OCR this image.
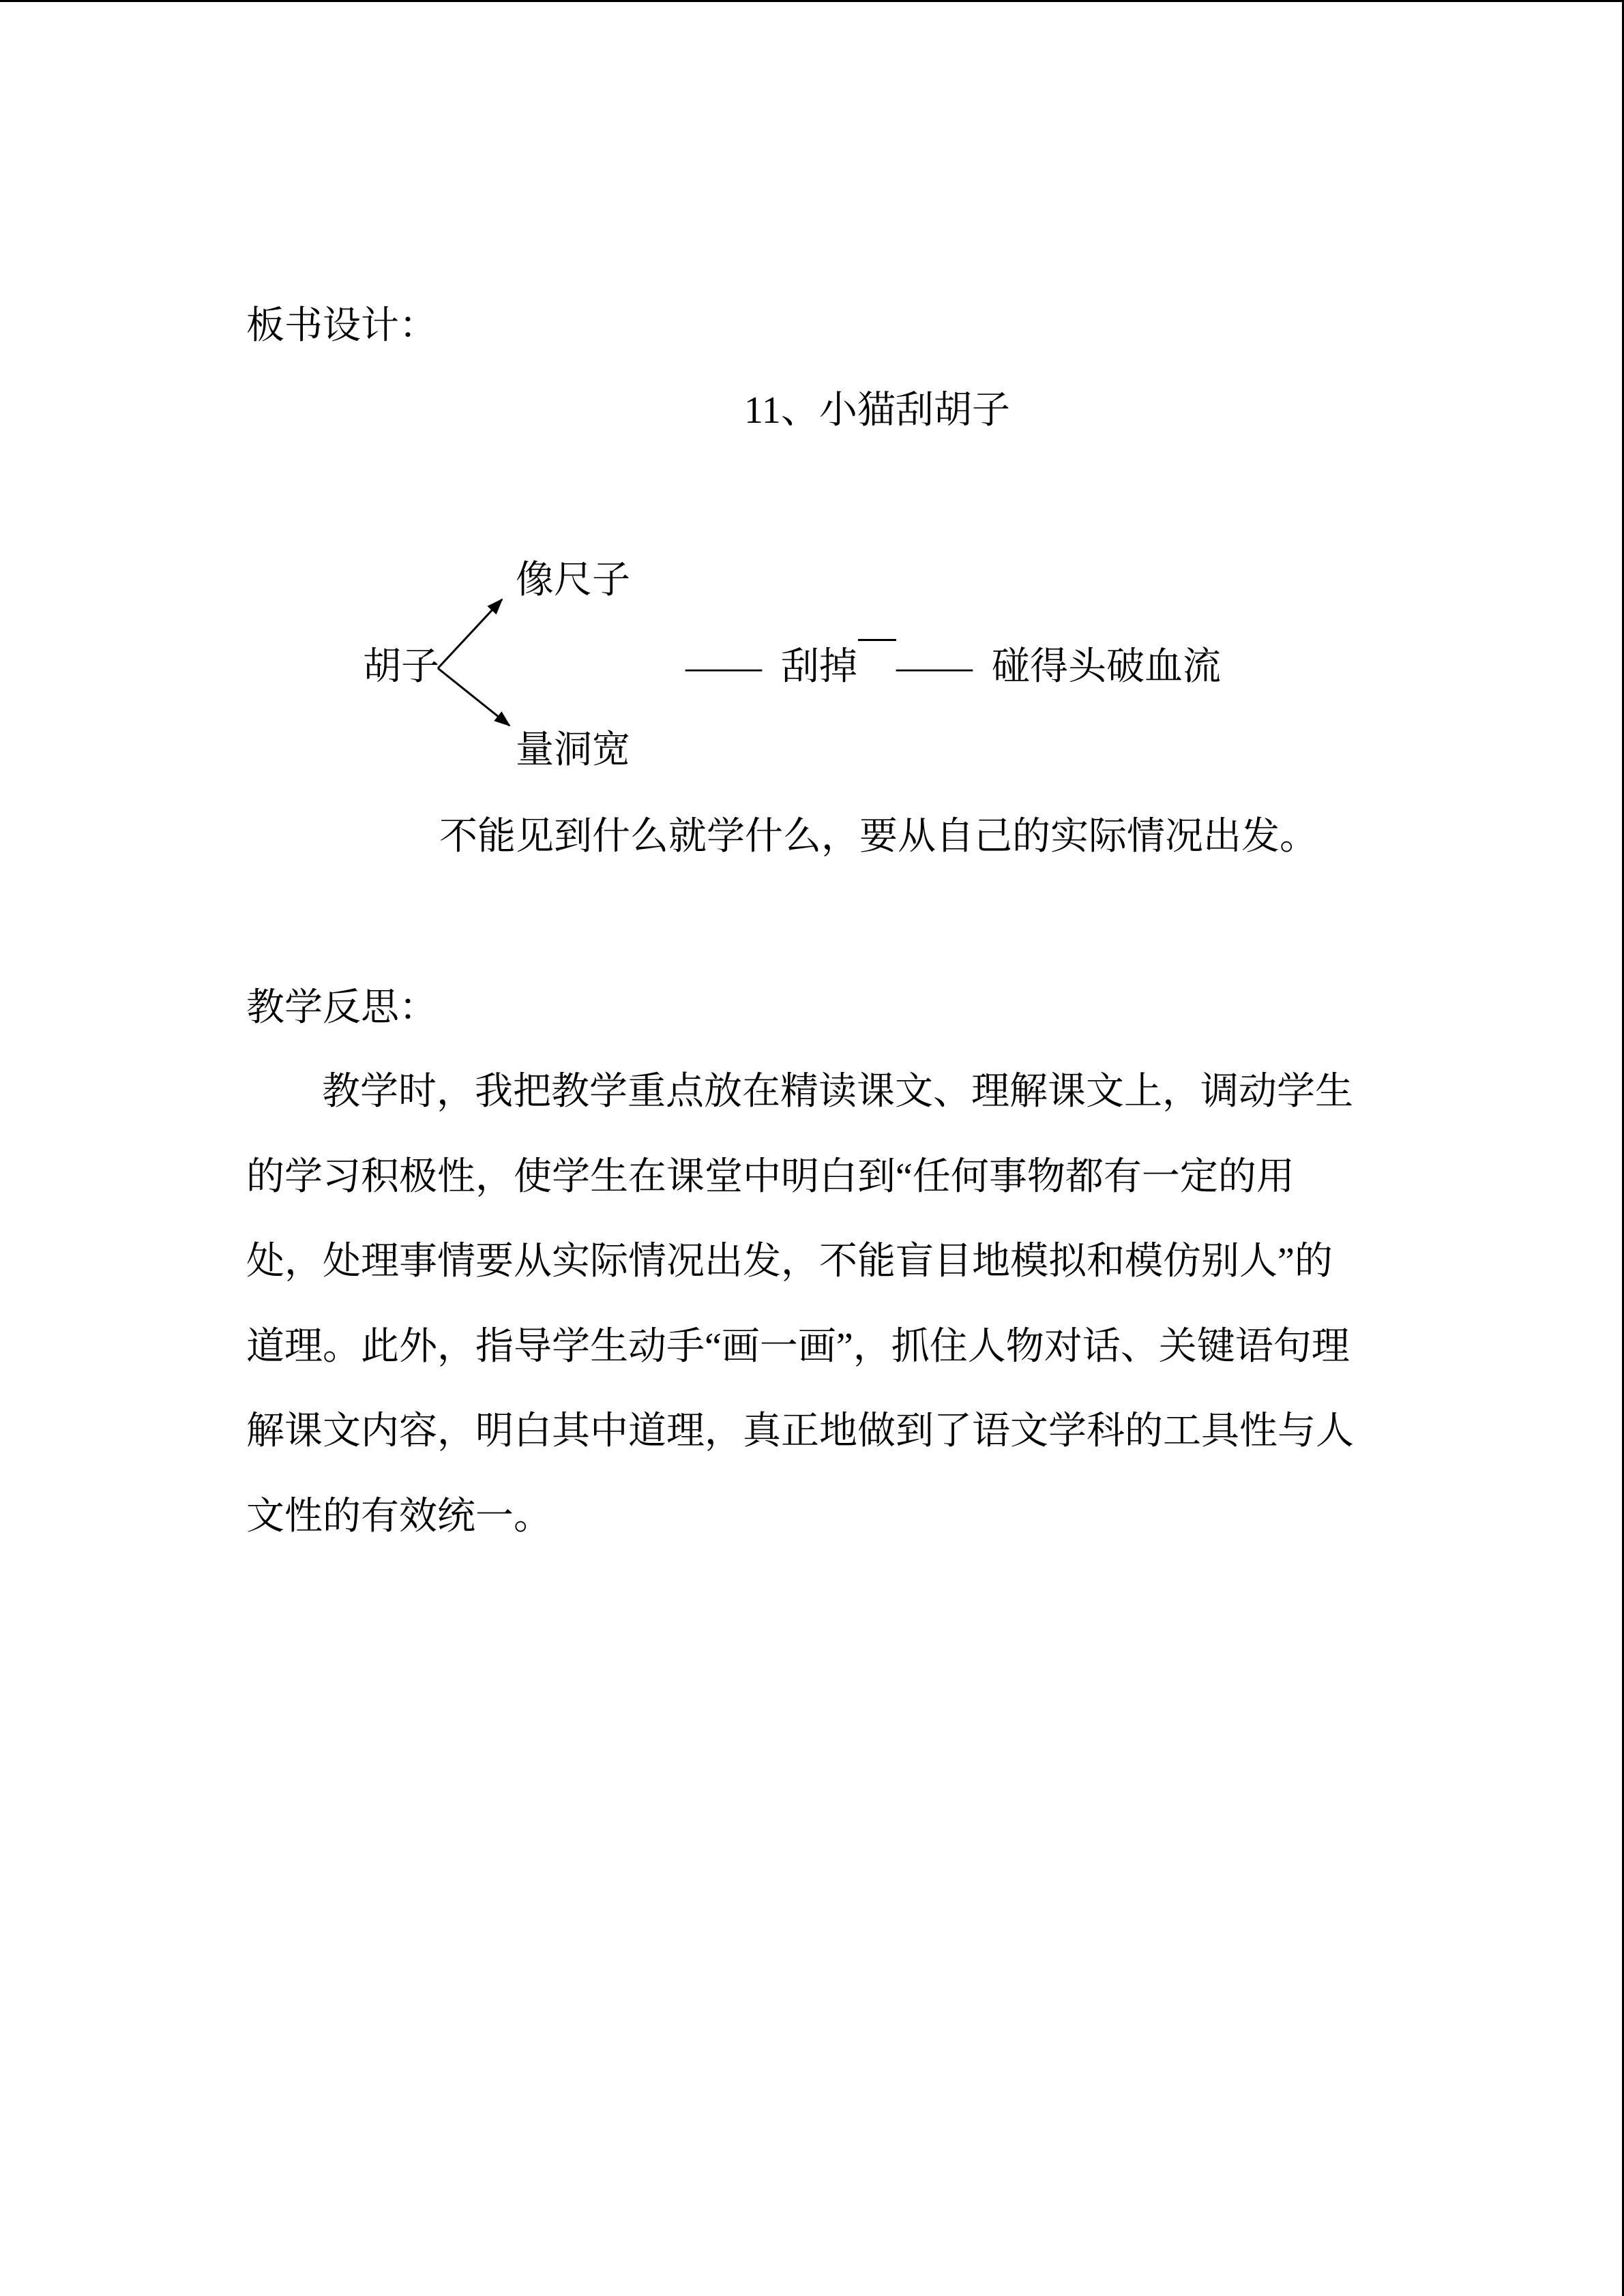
板书设计：
11、小猫刮胡子
像尺子
胡子	——  刮掉 ——  碰得头破血流
量洞宽
不能见到什么就学什么，要从自己的实际情况出发。
教学反思：
教学时，我把教学重点放在精读课文、理解课文上，调动学生
的学习积极性，使学生在课堂中明白到“任何事物都有一定的用
处，处理事情要从实际情况出发，不能盲目地模拟和模仿别人”的
道理。此外，指导学生动手“画一画”，抓住人物对话、关键语句理
解课文内容，明白其中道理，真正地做到了语文学科的工具性与人
文性的有效统一。
